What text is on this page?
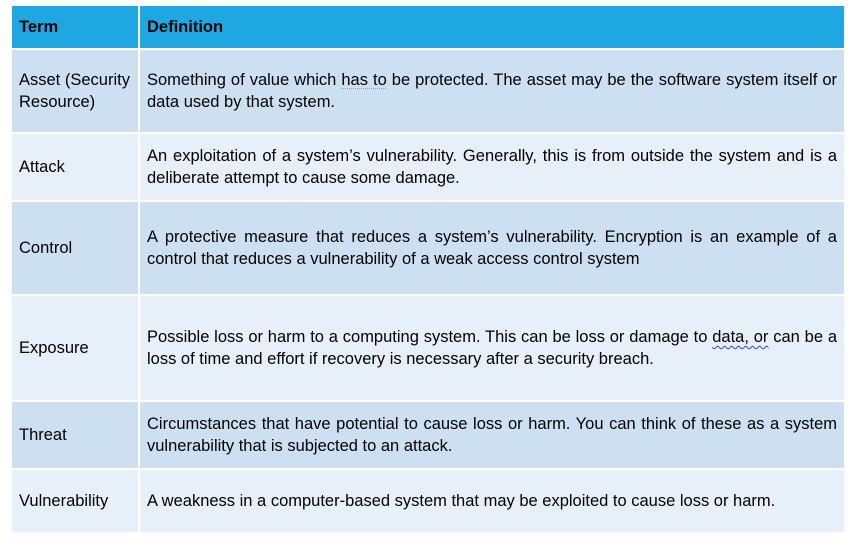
Term	Definition
Asset (Security Resource)	Something of value which has to be protected. The asset may be the software system itself or data used by that system.
Attack	An exploitation of a system’s vulnerability. Generally, this is from outside the system and is a deliberate attempt to cause some damage.
Control	A protective measure that reduces a system’s vulnerability. Encryption is an example of a control that reduces a vulnerability of a weak access control system
Exposure	Possible loss or harm to a computing system. This can be loss or damage to data, or can be a loss of time and effort if recovery is necessary after a security breach.
Threat	Circumstances that have potential to cause loss or harm. You can think of these as a system vulnerability that is subjected to an attack.
Vulnerability	A weakness in a computer-based system that may be exploited to cause loss or harm.
